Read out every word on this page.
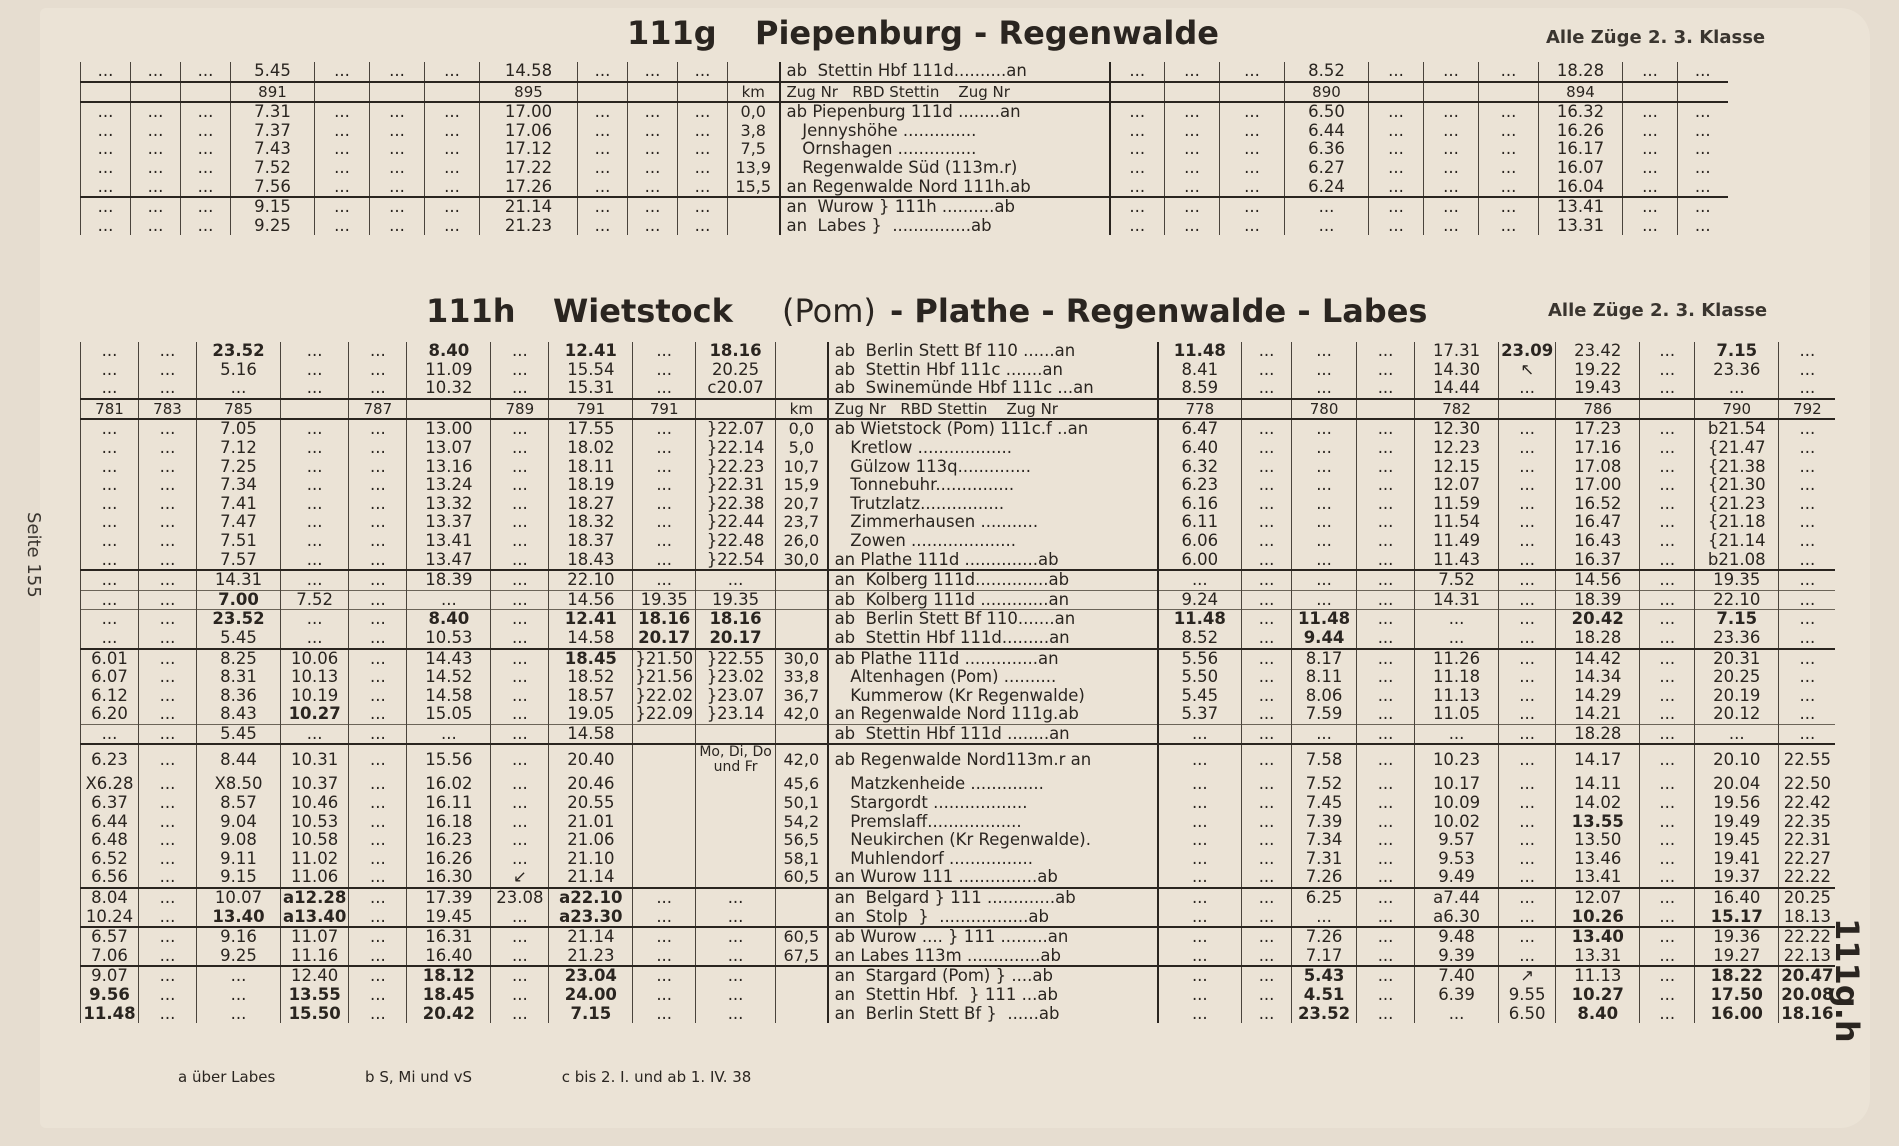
111g Piepenburg - Regenwalde	Alle Züge 2. 3. Klasse
...	...	...	5.45	...	...	...	14.58	...	...	...		ab  Stettin Hbf 111d..........an	...	...	...	8.52	...	...	...	18.28	...	...
			891				895				km	Zug Nr   RBD Stettin    Zug Nr				890				894		
...	...	...	7.31	...	...	...	17.00	...	...	...	0,0	ab Piepenburg 111d ........an	...	...	...	6.50	...	...	...	16.32	...	...
...	...	...	7.37	...	...	...	17.06	...	...	...	3,8	Jennyshöhe ..............	...	...	...	6.44	...	...	...	16.26	...	...
...	...	...	7.43	...	...	...	17.12	...	...	...	7,5	Ornshagen ...............	...	...	...	6.36	...	...	...	16.17	...	...
...	...	...	7.52	...	...	...	17.22	...	...	...	13,9	Regenwalde Süd (113m.r)	...	...	...	6.27	...	...	...	16.07	...	...
...	...	...	7.56	...	...	...	17.26	...	...	...	15,5	an Regenwalde Nord 111h.ab	...	...	...	6.24	...	...	...	16.04	...	...
...	...	...	9.15	...	...	...	21.14	...	...	...		an  Wurow } 111h ..........ab	...	...	...	...	...	...	...	13.41	...	...
...	...	...	9.25	...	...	...	21.23	...	...	...		an  Labes }  ...............ab	...	...	...	...	...	...	...	13.31	...	...
111h Wietstock (Pom) - Plathe - Regenwalde - Labes	Alle Züge 2. 3. Klasse
...	...	23.52	...	...	8.40	...	12.41	...	18.16		ab  Berlin Stett Bf 110 ......an	11.48	...	...	...	17.31	23.09	23.42	...	7.15	...
...	...	5.16	...	...	11.09	...	15.54	...	20.25		ab  Stettin Hbf 111c .......an	8.41	...	...	...	14.30	↖	19.22	...	23.36	...
...	...	...	...	...	10.32	...	15.31	...	c20.07		ab  Swinemünde Hbf 111c ...an	8.59	...	...	...	14.44	...	19.43	...	...	...
781	783	785		787		789	791	791		km	Zug Nr   RBD Stettin    Zug Nr	778		780		782		786		790	792
...	...	7.05	...	...	13.00	...	17.55	...	}22.07	0,0	ab Wietstock (Pom) 111c.f ..an	6.47	...	...	...	12.30	...	17.23	...	b21.54	...
...	...	7.12	...	...	13.07	...	18.02	...	}22.14	5,0	Kretlow ..................	6.40	...	...	...	12.23	...	17.16	...	{21.47	...
...	...	7.25	...	...	13.16	...	18.11	...	}22.23	10,7	Gülzow 113q..............	6.32	...	...	...	12.15	...	17.08	...	{21.38	...
...	...	7.34	...	...	13.24	...	18.19	...	}22.31	15,9	Tonnebuhr...............	6.23	...	...	...	12.07	...	17.00	...	{21.30	...
...	...	7.41	...	...	13.32	...	18.27	...	}22.38	20,7	Trutzlatz................	6.16	...	...	...	11.59	...	16.52	...	{21.23	...
...	...	7.47	...	...	13.37	...	18.32	...	}22.44	23,7	Zimmerhausen ...........	6.11	...	...	...	11.54	...	16.47	...	{21.18	...
...	...	7.51	...	...	13.41	...	18.37	...	}22.48	26,0	Zowen ....................	6.06	...	...	...	11.49	...	16.43	...	{21.14	...
...	...	7.57	...	...	13.47	...	18.43	...	}22.54	30,0	an Plathe 111d ..............ab	6.00	...	...	...	11.43	...	16.37	...	b21.08	...
...	...	14.31	...	...	18.39	...	22.10	...	...		an  Kolberg 111d..............ab	...	...	...	...	7.52	...	14.56	...	19.35	...
...	...	7.00	7.52	...	...	...	14.56	19.35	19.35		ab  Kolberg 111d .............an	9.24	...	...	...	14.31	...	18.39	...	22.10	...
...	...	23.52	...	...	8.40	...	12.41	18.16	18.16		ab  Berlin Stett Bf 110.......an	11.48	...	11.48	...	...	...	20.42	...	7.15	...
...	...	5.45	...	...	10.53	...	14.58	20.17	20.17		ab  Stettin Hbf 111d.........an	8.52	...	9.44	...	...	...	18.28	...	23.36	...
6.01	...	8.25	10.06	...	14.43	...	18.45	}21.50	}22.55	30,0	ab Plathe 111d ..............an	5.56	...	8.17	...	11.26	...	14.42	...	20.31	...
6.07	...	8.31	10.13	...	14.52	...	18.52	}21.56	}23.02	33,8	Altenhagen (Pom) ..........	5.50	...	8.11	...	11.18	...	14.34	...	20.25	...
6.12	...	8.36	10.19	...	14.58	...	18.57	}22.02	}23.07	36,7	Kummerow (Kr Regenwalde)	5.45	...	8.06	...	11.13	...	14.29	...	20.19	...
6.20	...	8.43	10.27	...	15.05	...	19.05	}22.09	}23.14	42,0	an Regenwalde Nord 111g.ab	5.37	...	7.59	...	11.05	...	14.21	...	20.12	...
...	...	5.45	...	...	...	...	14.58				ab  Stettin Hbf 111d ........an	...	...	...	...	...	...	18.28	...	...	...
6.23	...	8.44	10.31	...	15.56	...	20.40		Mo, Di, Do und Fr	42,0	ab Regenwalde Nord113m.r an	...	...	7.58	...	10.23	...	14.17	...	20.10	22.55
X6.28	...	X8.50	10.37	...	16.02	...	20.46			45,6	Matzkenheide ..............	...	...	7.52	...	10.17	...	14.11	...	20.04	22.50
6.37	...	8.57	10.46	...	16.11	...	20.55			50,1	Stargordt ..................	...	...	7.45	...	10.09	...	14.02	...	19.56	22.42
6.44	...	9.04	10.53	...	16.18	...	21.01			54,2	Premslaff..................	...	...	7.39	...	10.02	...	13.55	...	19.49	22.35
6.48	...	9.08	10.58	...	16.23	...	21.06			56,5	Neukirchen (Kr Regenwalde).	...	...	7.34	...	9.57	...	13.50	...	19.45	22.31
6.52	...	9.11	11.02	...	16.26	...	21.10			58,1	Muhlendorf ................	...	...	7.31	...	9.53	...	13.46	...	19.41	22.27
6.56	...	9.15	11.06	...	16.30	↙	21.14			60,5	an Wurow 111 ...............ab	...	...	7.26	...	9.49	...	13.41	...	19.37	22.22
8.04	...	10.07	a12.28	...	17.39	23.08	a22.10	...	...		an  Belgard } 111 .............ab	...	...	6.25	...	a7.44	...	12.07	...	16.40	20.25
10.24	...	13.40	a13.40	...	19.45	...	a23.30	...	...		an  Stolp  }  .................ab	...	...	...	...	a6.30	...	10.26	...	15.17	18.13
6.57	...	9.16	11.07	...	16.31	...	21.14	...	...	60,5	ab Wurow .... } 111 .........an	...	...	7.26	...	9.48	...	13.40	...	19.36	22.22
7.06	...	9.25	11.16	...	16.40	...	21.23	...	...	67,5	an Labes 113m ..............ab	...	...	7.17	...	9.39	...	13.31	...	19.27	22.13
9.07	...	...	12.40	...	18.12	...	23.04	...	...		an  Stargard (Pom) } ....ab	...	...	5.43	...	7.40	↗	11.13	...	18.22	20.47
9.56	...	...	13.55	...	18.45	...	24.00	...	...		an  Stettin Hbf.  } 111 ...ab	...	...	4.51	...	6.39	9.55	10.27	...	17.50	20.08
11.48	...	...	15.50	...	20.42	...	7.15	...	...		an  Berlin Stett Bf }  ......ab	...	...	23.52	...	...	6.50	8.40	...	16.00	18.16
Seite 155
111g.h
a über Labes	b S, Mi und vS	c bis 2. I. und ab 1. IV. 38
